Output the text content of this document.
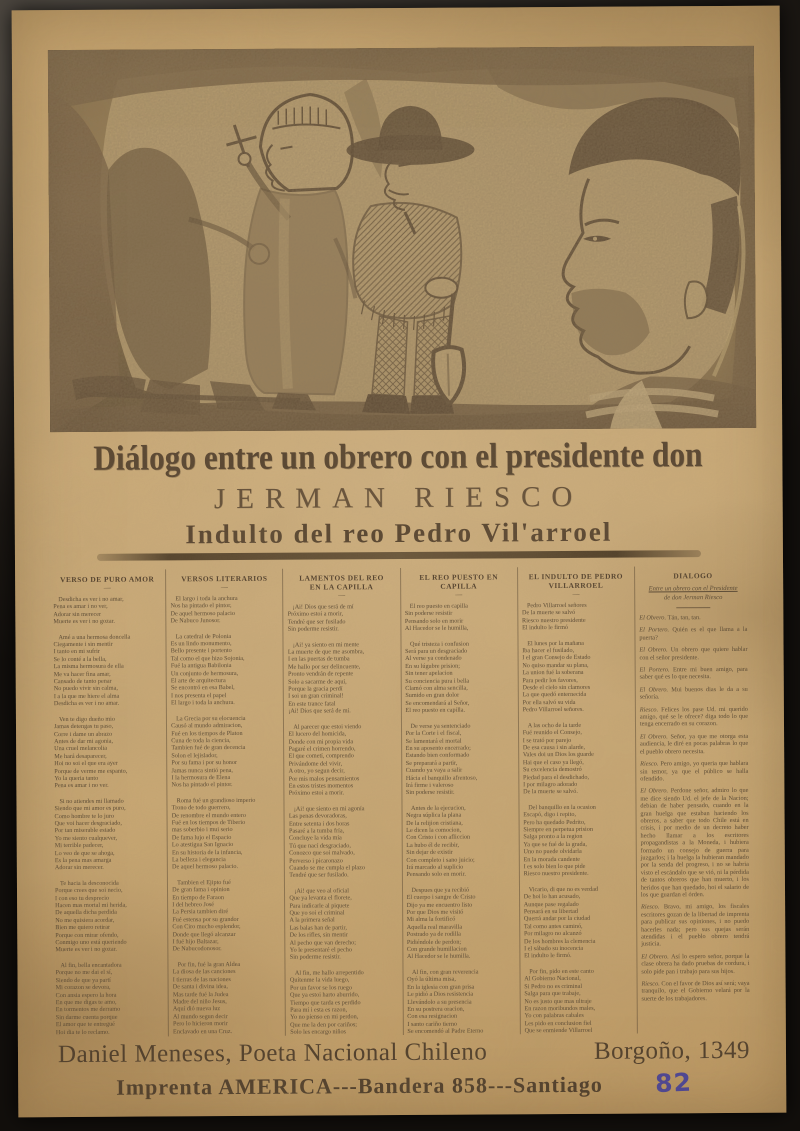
Diálogo entre un obrero con el presidente don
JERMAN RIESCO
Indulto del reo Pedro Vil'arroel
VERSO DE PURO AMOR
—
Desdicha es ver i no amar,
Pena es amar i no ver,
Adorar sin merecer
Muerte es ver i no gozar.
Amé a una hermosa doncella
Ciegamente i sin mentir
I tanto en mi sufrir
Se lo conté a la bella,
La misma hermosura de ella
Me va hacer fina amar,
Cansado de tanto penar
No puedo vivir sin calma,
I a la que me hiere el alma
Desdicha es ver i no amar.
Ven te digo dueño mio
Jamas detengas tu paso,
Corre i dame un abrazo
Antes de dar mi agonia,
Una cruel melancolia
Me hará desaparecer,
Hoi no soi el que era ayer
Porque de verme me espanto,
Yo la queria tanto
Pena es amar i no ver.
Si no atiendes mi llamado
Siendo que mi amor es puro,
Como hombre te lo juro
Que voi hacer desgraciado,
Por tan miserable estado
Yo me siento cualquever,
Mi terrible padecer,
Lo veo de que se ahoga,
Es la pena mas amarga
Adorar sin merecer.
Te hacia la desconocida
Porque crees que soi necio,
I con eso tu desprecio
Hacen mas mortal mi herida,
De aquella dicha perdida
No me quisiera acordar,
Bien me quiero retirar
Porque con mirar ofendo,
Conmigo uno está queriendo
Muerte es ver i no gozar.
Al fin, bella encantadora
Porque no me dai el sí,
Siendo de que ya partí
Mi corazon se devora,
Con ansia espero la hora
En que me digas te amo,
En tormentos me derramo
Sin darme cuenta porque
El amor que te entregué
Hoi dia te lo reclamo.
VERSOS LITERARIOS
—
El largo i toda la anchura
Nos ha pintado el pintor,
De aquel hermoso palacio
De Nabuco Junosor.
La catedral de Polonia
Es un lindo monumento,
Bello presente i portento
Tal como el que hizo Sojonia,
Fué la antigua Babilonia
Un conjunto de hermosura,
El arte de arquitectura
Se encontró en esa Babel,
I nos presenta el papel
El largo i toda la anchura.
La Grecia por su elocuencia
Causó al mundo admiracion,
Fué en los tiempos de Platon
Cuna de toda la ciencia,
Tambien fué de gran decencia
Solon el lejislador,
Por su fama i por su honor
Jamas nunca sintió pena,
I la hermosura de Elena
Nos ha pintado el pintor.
Roma fué un grandioso imperio
Trono de todo guerrero,
De renombre el mundo entero
Fué en los tiempos de Tiberio
mas soberbio i mui serio
De fama lujo el Espacio
Lo atestigua San Ignacio
En su historia de la infancia,
La belleza i elegancia
De aquel hermoso palacio.
Tambien el Ejipto fué
De gran fama i opinion
En tiempo de Faraon
I del hebreo José
La Persia tambien diré
Fué estensa por su grandor
Con Ciro mucho esplendor,
Donde que llegó alcanzar
I fué hijo Baltazar,
De Nabucodonosor.
Por fin, fué la gran Aldea
La diosa de las canciones
I tierras de las naciones
De santa i divina idea,
Mas tarde fué la Judea
Madre del niño Jesus,
Aquí dió nueva luz
Al mundo segun decir
Pero lo hicieron morir
Enclavado en una Cruz.
LAMENTOS DEL REO
EN LA CAPILLA
—
¡Ai! Dios que será de mí
Próximo estoi a morir,
Tendré que ser fusilado
Sin poderme resistir.
¡Ai! ya siento en mi mente
La muerte de que me asombra,
I en las puertas de tumba
Me hallo por ser delincuente,
Pronto vendrán de repente
Solo a sacarme de aquí,
Porque la gracia perdí
I soi un gran criminal!
En este trance fatal
¡Ai! Dios que será de mí.
Al parecer que estoi viendo
El lucero del homicida,
Donde con mi propia vida
Pagaré el crimen horrendo,
El que cometí, comprendo
Privándome del vivir,
A otro, yo segun decir,
Por mis malos pensamientos
En estos tristes momentos
Próximo estoi a morir.
¡Ai! que siento en mi agonía
Las penas devoradoras,
Entre setenta i dos horas
Pasaré a la tumba fría,
Concluye la vida mía
Tú que nací desgraciado,
Conozco que soi malvado,
Perverso i picaronazo
Cuando se me cumpla el plazo
Tendré que ser fusilado.
¡Ai! que veo al oficial
Que ya levanta el florete,
Para indicarle al piquete
Que yo soi el criminal
A la primera señal
Las balas han de partir,
De los rifles, sin mentir
Al pecho que van derecho;
Yo le presentaré el pecho
Sin poderme resistir.
Al fin, me hallo arrepentido
Quítenme la vida luego,
Por un favor se los ruego
Que ya estoi harto aburrido,
Tiempo que tarda es perdido
Para mí i esta es razon,
Yo no pienso en mi perdon,
Que me la den por cariños;
Solo les encargo niños
EL REO PUESTO EN
CAPILLA
—
El reo puesto en capilla
Sin poderse resistir
Pensando solo en morir
Al Hacedor se le humilla,
Qué tristeza i confusion
Será para un desgraciado
Al verse ya condenado
En su lúgubre prision;
Sin tener apelacion
Su conciencia pura i bella
Clamó con alma sencilla,
Sumido en gran dolor
Se encomendará al Señor,
El reo puesto en capilla.
De verse ya sentenciado
Por la Corte i el fiscal,
Se lamentará el mortal
En su aposento encerrado;
Estando bien conformado
Se preparará a partir,
Cuando ya vaya a salir
Hácia el banquillo afrentoso,
Irá firme i valeroso
Sin poderse resistir.
Antes de la ejecucion,
Negra súplica la plana
De la relijion cristiana,
Le dicen la comocion,
Con Cristo i con afliccion
La hubo él de recibir,
Sin dejar de existir
Con completo i sano juicio;
Irá marcado al suplicio
Pensando solo en morir.
Despues que ya recibió
El cuerpo i sangre de Cristo
Dijo ya me encuentro listo
Por que Dios me visitó
Mi alma la fortificó
Aquella real maravilla
Postrado ya de rodilla
Pidiéndole de perdon;
Con grande humillacion
Al Hacedor se le humilla.
Al fin, con gran reverencia
Oyó la última misa,
En la iglesia con gran prisa
Le pidió a Dios resistencia
Llevándolo a su presencia
En su postrera oracion,
Con esa resignacion
I santo cariño tierno
Se encomendó al Padre Eterno
EL INDULTO DE PEDRO
VILLARROEL
—
Pedro Villarroel señores
De la muerte se salvó
Riesco nuestro presidente
El indulto le firmó
El lunes por la mañana
Iba hacer el fusilado,
I el gran Consejo de Estado
No quiso mandar su plana,
La union fué la soberana
Para pedir los favores,
Desde el cielo sin clamores
La que quedó enternecida
Por ella salvó su vida
Pedro Villarroel señores.
A las ocho de la tarde
Fué reunido el Consejo,
I se trató por parejo
De esa causa i sin alarde,
Vales doi un Dios los guarde
Hai que el caso ya llegó,
Su excelencia demostró
Piedad para el desdichado,
I por milagro adorado
De la muerte se salvó.
Del banquillo en la ocasion
Escapó, digo i repito,
Pero ha quedado Pedrito,
Siempre en perpetua prision
Salga pronto a la region
Ya que se fué de la grada,
Uno no puede olvidarla
En la morada candente
I es solo bien lo que pide
Riesco nuestro presidente.
Vicario, di que no es verdad
De hoi lo han acusado,
Aunque pase regalado
Pensará en su libertad
Querrá andar por la ciudad
Tal como antes caminó,
Por milagro no alcanzó
De los hombres la clemencia
I el sábado su inocencia
El indulto le firmó.
Por fin, pido en este canto
Al Gobierno Nacional,
Si Pedro no es criminal
Salga para que trabaje,
No es justo que mas ultraje
En razon moribundos males,
Yo con palabras cabales
Les pido en conclusion fiel
Que se enmiende Villarroel
DIALOGO
Entre un obrero con el Presidente
de don Jerman Riesco

El Obrero. Tán, tan, tan.

El Portero. Quién es el que llama a la puerta?

El Obrero. Un obrero que quiere hablar con el señor presidente.

El Portero. Entre mi buen amigo, para saber qué es lo que necesita.

El Obrero. Mui buenos dias le da a su señoría.

Riesco. Felices los pase Ud. mi querido amigo, qué se le ofrece? diga todo lo que tenga encerrado en su corazon.

El Obrero. Señor, ya que me otorga esta audiencia, le diré en pocas palabras lo que el pueblo obrero necesita.

Riesco. Pero amigo, yo queria que hablara sin temor, ya que el público se halla ofendido.

El Obrero. Perdone señor, admiro lo que me dice siendo Ud. el jefe de la Nacion; debian de haber pensado, cuando en la gran huelga que estaban haciendo los obreros, a saber que todo Chile está en crisis, i por medio de un decreto haber hecho llamar a los escritores propagandistas a la Moneda, i hubiera formado un consejo de guerra para juzgarlos; i la huelga la hubieran mandado por la senda del progreso, i no se habria visto el escándalo que se vió, ni la pérdida de tantos obreros que han muerto, i los heridos que han quedado, hoi el salario de los que guardan el órden.

Riesco. Bravo, mi amigo, los fiscales escritores gozan de la libertad de imprenta para publicar sus opiniones, i no puedo hacerles nada; pero sus quejas serán atendidas i el pueblo obrero tendrá justicia.

El Obrero. Así lo espero señor, porque la clase obrera ha dado pruebas de cordura, i solo pide pan i trabajo para sus hijos.

Riesco. Con el favor de Dios así será; vaya tranquilo, que el Gobierno velará por la suerte de los trabajadores.

Daniel Meneses, Poeta Nacional Chileno	Borgoño, 1349
Imprenta AMERICA---Bandera 858---Santiago 82
